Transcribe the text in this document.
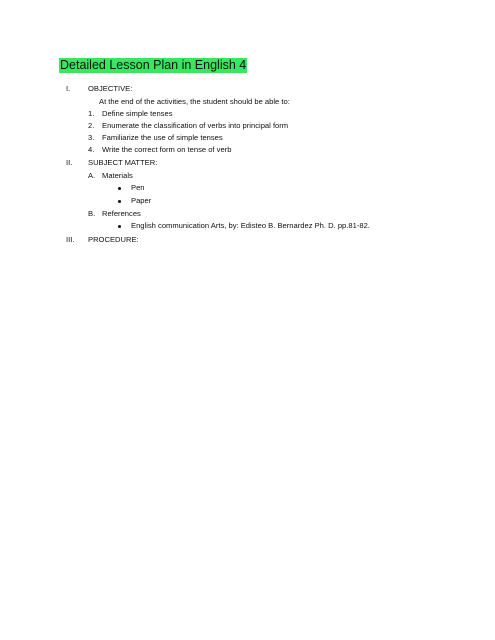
Detailed Lesson Plan in English 4
I.	OBJECTIVE:
At the end of the activities, the student should be able to:
1. Define simple tenses
2. Enumerate the classification of verbs into principal form
3. Familiarize the use of simple tenses
4. Write the correct form on tense of verb
II.	SUBJECT MATTER:
A. Materials
Pen
Paper
B. References
English communication Arts, by: Edisteo B. Bernardez Ph. D. pp.81-82.
III.	PROCEDURE:
